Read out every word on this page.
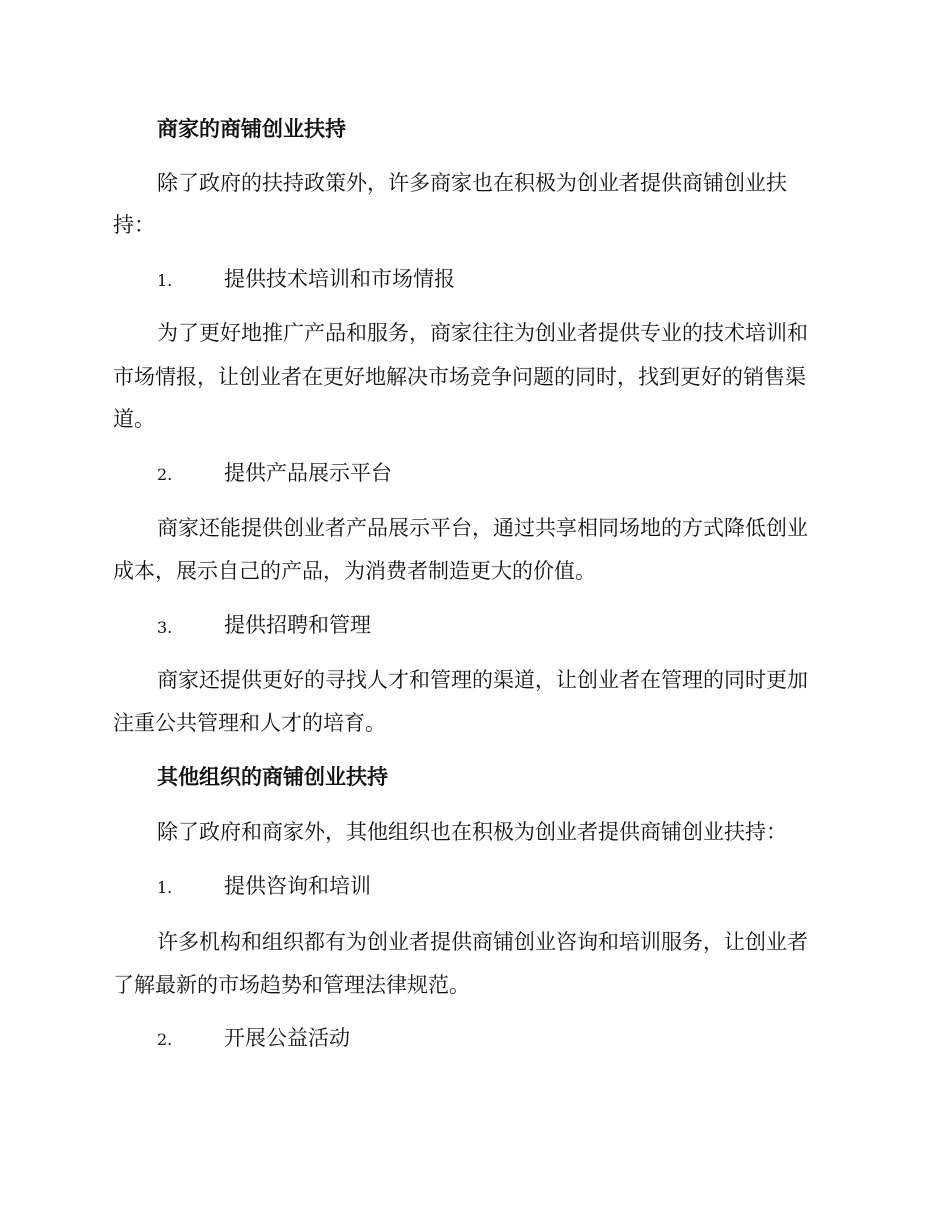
商家的商铺创业扶持
除了政府的扶持政策外，许多商家也在积极为创业者提供商铺创业扶
持：
1. 提供技术培训和市场情报
为了更好地推广产品和服务，商家往往为创业者提供专业的技术培训和
市场情报，让创业者在更好地解决市场竞争问题的同时，找到更好的销售渠
道。
2. 提供产品展示平台
商家还能提供创业者产品展示平台，通过共享相同场地的方式降低创业
成本，展示自己的产品，为消费者制造更大的价值。
3. 提供招聘和管理
商家还提供更好的寻找人才和管理的渠道，让创业者在管理的同时更加
注重公共管理和人才的培育。
其他组织的商铺创业扶持
除了政府和商家外，其他组织也在积极为创业者提供商铺创业扶持：
1. 提供咨询和培训
许多机构和组织都有为创业者提供商铺创业咨询和培训服务，让创业者
了解最新的市场趋势和管理法律规范。
2. 开展公益活动
